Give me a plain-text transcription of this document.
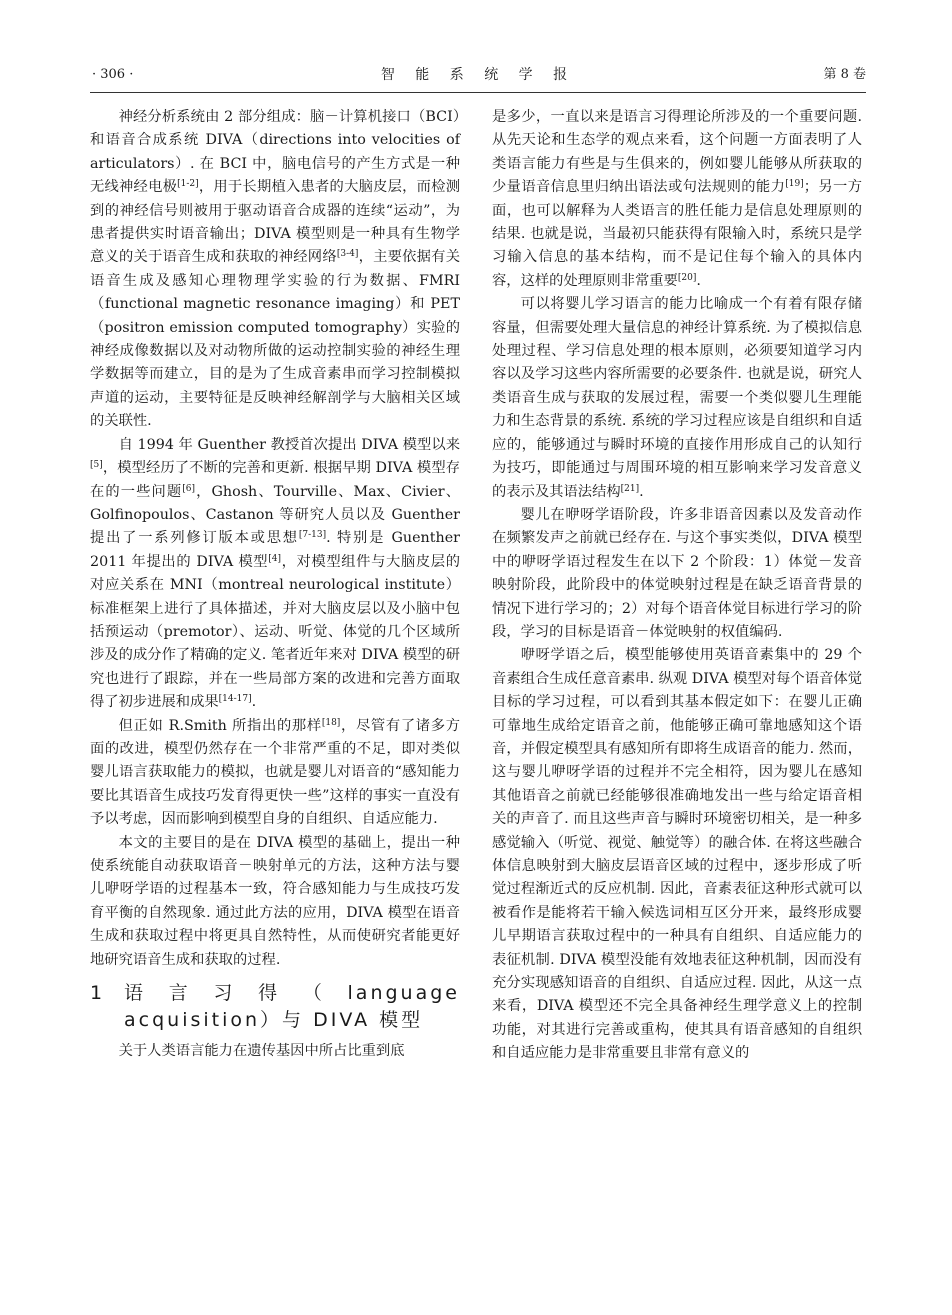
· 306 ·	智 能 系 统 学 报	第 8 卷

神经分析系统由 2 部分组成：脑－计算机接口（BCI）和语音合成系统 DIVA（directions into velocities of articulators）. 在 BCI 中，脑电信号的产生方式是一种无线神经电极[1-2]，用于长期植入患者的大脑皮层，而检测到的神经信号则被用于驱动语音合成器的连续“运动”，为患者提供实时语音输出；DIVA 模型则是一种具有生物学意义的关于语音生成和获取的神经网络[3-4]，主要依据有关语音生成及感知心理物理学实验的行为数据、FMRI（functional magnetic resonance imaging）和 PET（positron emission computed tomography）实验的神经成像数据以及对动物所做的运动控制实验的神经生理学数据等而建立，目的是为了生成音素串而学习控制模拟声道的运动，主要特征是反映神经解剖学与大脑相关区域的关联性.

自 1994 年 Guenther 教授首次提出 DIVA 模型以来[5]，模型经历了不断的完善和更新. 根据早期 DIVA 模型存在的一些问题[6]，Ghosh、Tourville、Max、Civier、Golfinopoulos、Castanon 等研究人员以及 Guenther 提出了一系列修订版本或思想[7-13]. 特别是 Guenther 2011 年提出的 DIVA 模型[4]，对模型组件与大脑皮层的对应关系在 MNI（montreal neurological institute）标准框架上进行了具体描述，并对大脑皮层以及小脑中包括预运动（premotor）、运动、听觉、体觉的几个区域所涉及的成分作了精确的定义. 笔者近年来对 DIVA 模型的研究也进行了跟踪，并在一些局部方案的改进和完善方面取得了初步进展和成果[14-17].

但正如 R.Smith 所指出的那样[18]，尽管有了诸多方面的改进，模型仍然存在一个非常严重的不足，即对类似婴儿语言获取能力的模拟，也就是婴儿对语音的“感知能力要比其语音生成技巧发育得更快一些”这样的事实一直没有予以考虑，因而影响到模型自身的自组织、自适应能力.

本文的主要目的是在 DIVA 模型的基础上，提出一种使系统能自动获取语音－映射单元的方法，这种方法与婴儿咿呀学语的过程基本一致，符合感知能力与生成技巧发育平衡的自然现象. 通过此方法的应用，DIVA 模型在语音生成和获取过程中将更具自然特性，从而使研究者能更好地研究语音生成和获取的过程.

1	语言习得（language acquisition）与 DIVA 模型

关于人类语言能力在遗传基因中所占比重到底

是多少，一直以来是语言习得理论所涉及的一个重要问题. 从先天论和生态学的观点来看，这个问题一方面表明了人类语言能力有些是与生俱来的，例如婴儿能够从所获取的少量语音信息里归纳出语法或句法规则的能力[19]；另一方面，也可以解释为人类语言的胜任能力是信息处理原则的结果. 也就是说，当最初只能获得有限输入时，系统只是学习输入信息的基本结构，而不是记住每个输入的具体内容，这样的处理原则非常重要[20].

可以将婴儿学习语言的能力比喻成一个有着有限存储容量，但需要处理大量信息的神经计算系统. 为了模拟信息处理过程、学习信息处理的根本原则，必须要知道学习内容以及学习这些内容所需要的必要条件. 也就是说，研究人类语音生成与获取的发展过程，需要一个类似婴儿生理能力和生态背景的系统. 系统的学习过程应该是自组织和自适应的，能够通过与瞬时环境的直接作用形成自己的认知行为技巧，即能通过与周围环境的相互影响来学习发音意义的表示及其语法结构[21].

婴儿在咿呀学语阶段，许多非语音因素以及发音动作在频繁发声之前就已经存在. 与这个事实类似，DIVA 模型中的咿呀学语过程发生在以下 2 个阶段：1）体觉－发音映射阶段，此阶段中的体觉映射过程是在缺乏语音背景的情况下进行学习的；2）对每个语音体觉目标进行学习的阶段，学习的目标是语音－体觉映射的权值编码.

咿呀学语之后，模型能够使用英语音素集中的 29 个音素组合生成任意音素串. 纵观 DIVA 模型对每个语音体觉目标的学习过程，可以看到其基本假定如下：在婴儿正确可靠地生成给定语音之前，他能够正确可靠地感知这个语音，并假定模型具有感知所有即将生成语音的能力. 然而，这与婴儿咿呀学语的过程并不完全相符，因为婴儿在感知其他语音之前就已经能够很准确地发出一些与给定语音相关的声音了. 而且这些声音与瞬时环境密切相关，是一种多感觉输入（听觉、视觉、触觉等）的融合体. 在将这些融合体信息映射到大脑皮层语音区域的过程中，逐步形成了听觉过程渐近式的反应机制. 因此，音素表征这种形式就可以被看作是能将若干输入候选词相互区分开来，最终形成婴儿早期语言获取过程中的一种具有自组织、自适应能力的表征机制. DIVA 模型没能有效地表征这种机制，因而没有充分实现感知语音的自组织、自适应过程. 因此，从这一点来看，DIVA 模型还不完全具备神经生理学意义上的控制功能，对其进行完善或重构，使其具有语音感知的自组织和自适应能力是非常重要且非常有意义的
